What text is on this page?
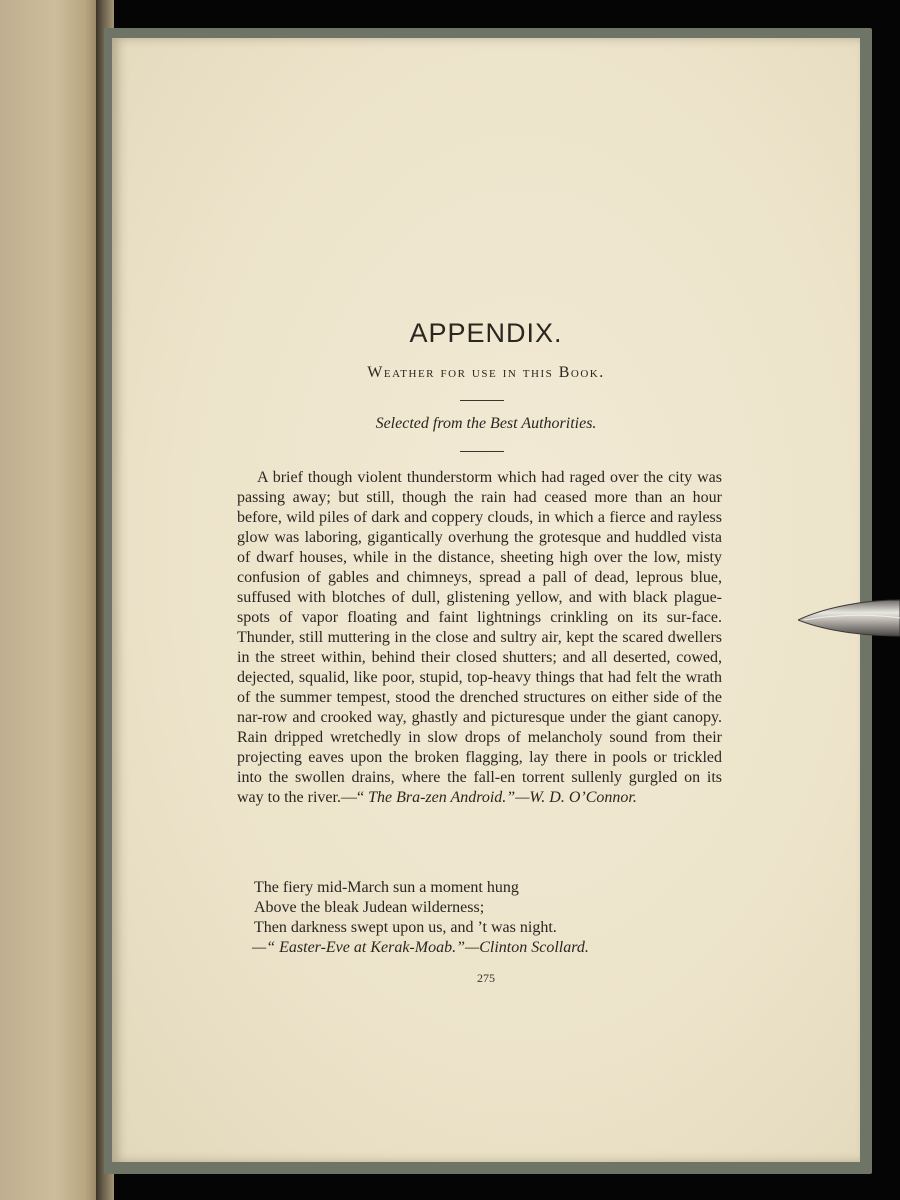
APPENDIX.
Weather for use in this Book.
Selected from the Best Authorities.

A brief though violent thunderstorm which had raged over the city was passing away; but still, though the rain had ceased more than an hour before, wild piles of dark and coppery clouds, in which a fierce and rayless glow was laboring, gigantically overhung the grotesque and huddled vista of dwarf houses, while in the distance, sheeting high over the low, misty confusion of gables and chimneys, spread a pall of dead, leprous blue, suffused with blotches of dull, glistening yellow, and with black plague-spots of vapor floating and faint lightnings crinkling on its sur-face. Thunder, still muttering in the close and sultry air, kept the scared dwellers in the street within, behind their closed shutters; and all deserted, cowed, dejected, squalid, like poor, stupid, top-heavy things that had felt the wrath of the summer tempest, stood the drenched structures on either side of the nar-row and crooked way, ghastly and picturesque under the giant canopy. Rain dripped wretchedly in slow drops of melancholy sound from their projecting eaves upon the broken flagging, lay there in pools or trickled into the swollen drains, where the fall-en torrent sullenly gurgled on its way to the river.—“ The Bra-zen Android.”—W. D. O’Connor.

The fiery mid-March sun a moment hung
Above the bleak Judean wilderness;
Then darkness swept upon us, and ’t was night.
—“ Easter-Eve at Kerak-Moab.”—Clinton Scollard.
275
